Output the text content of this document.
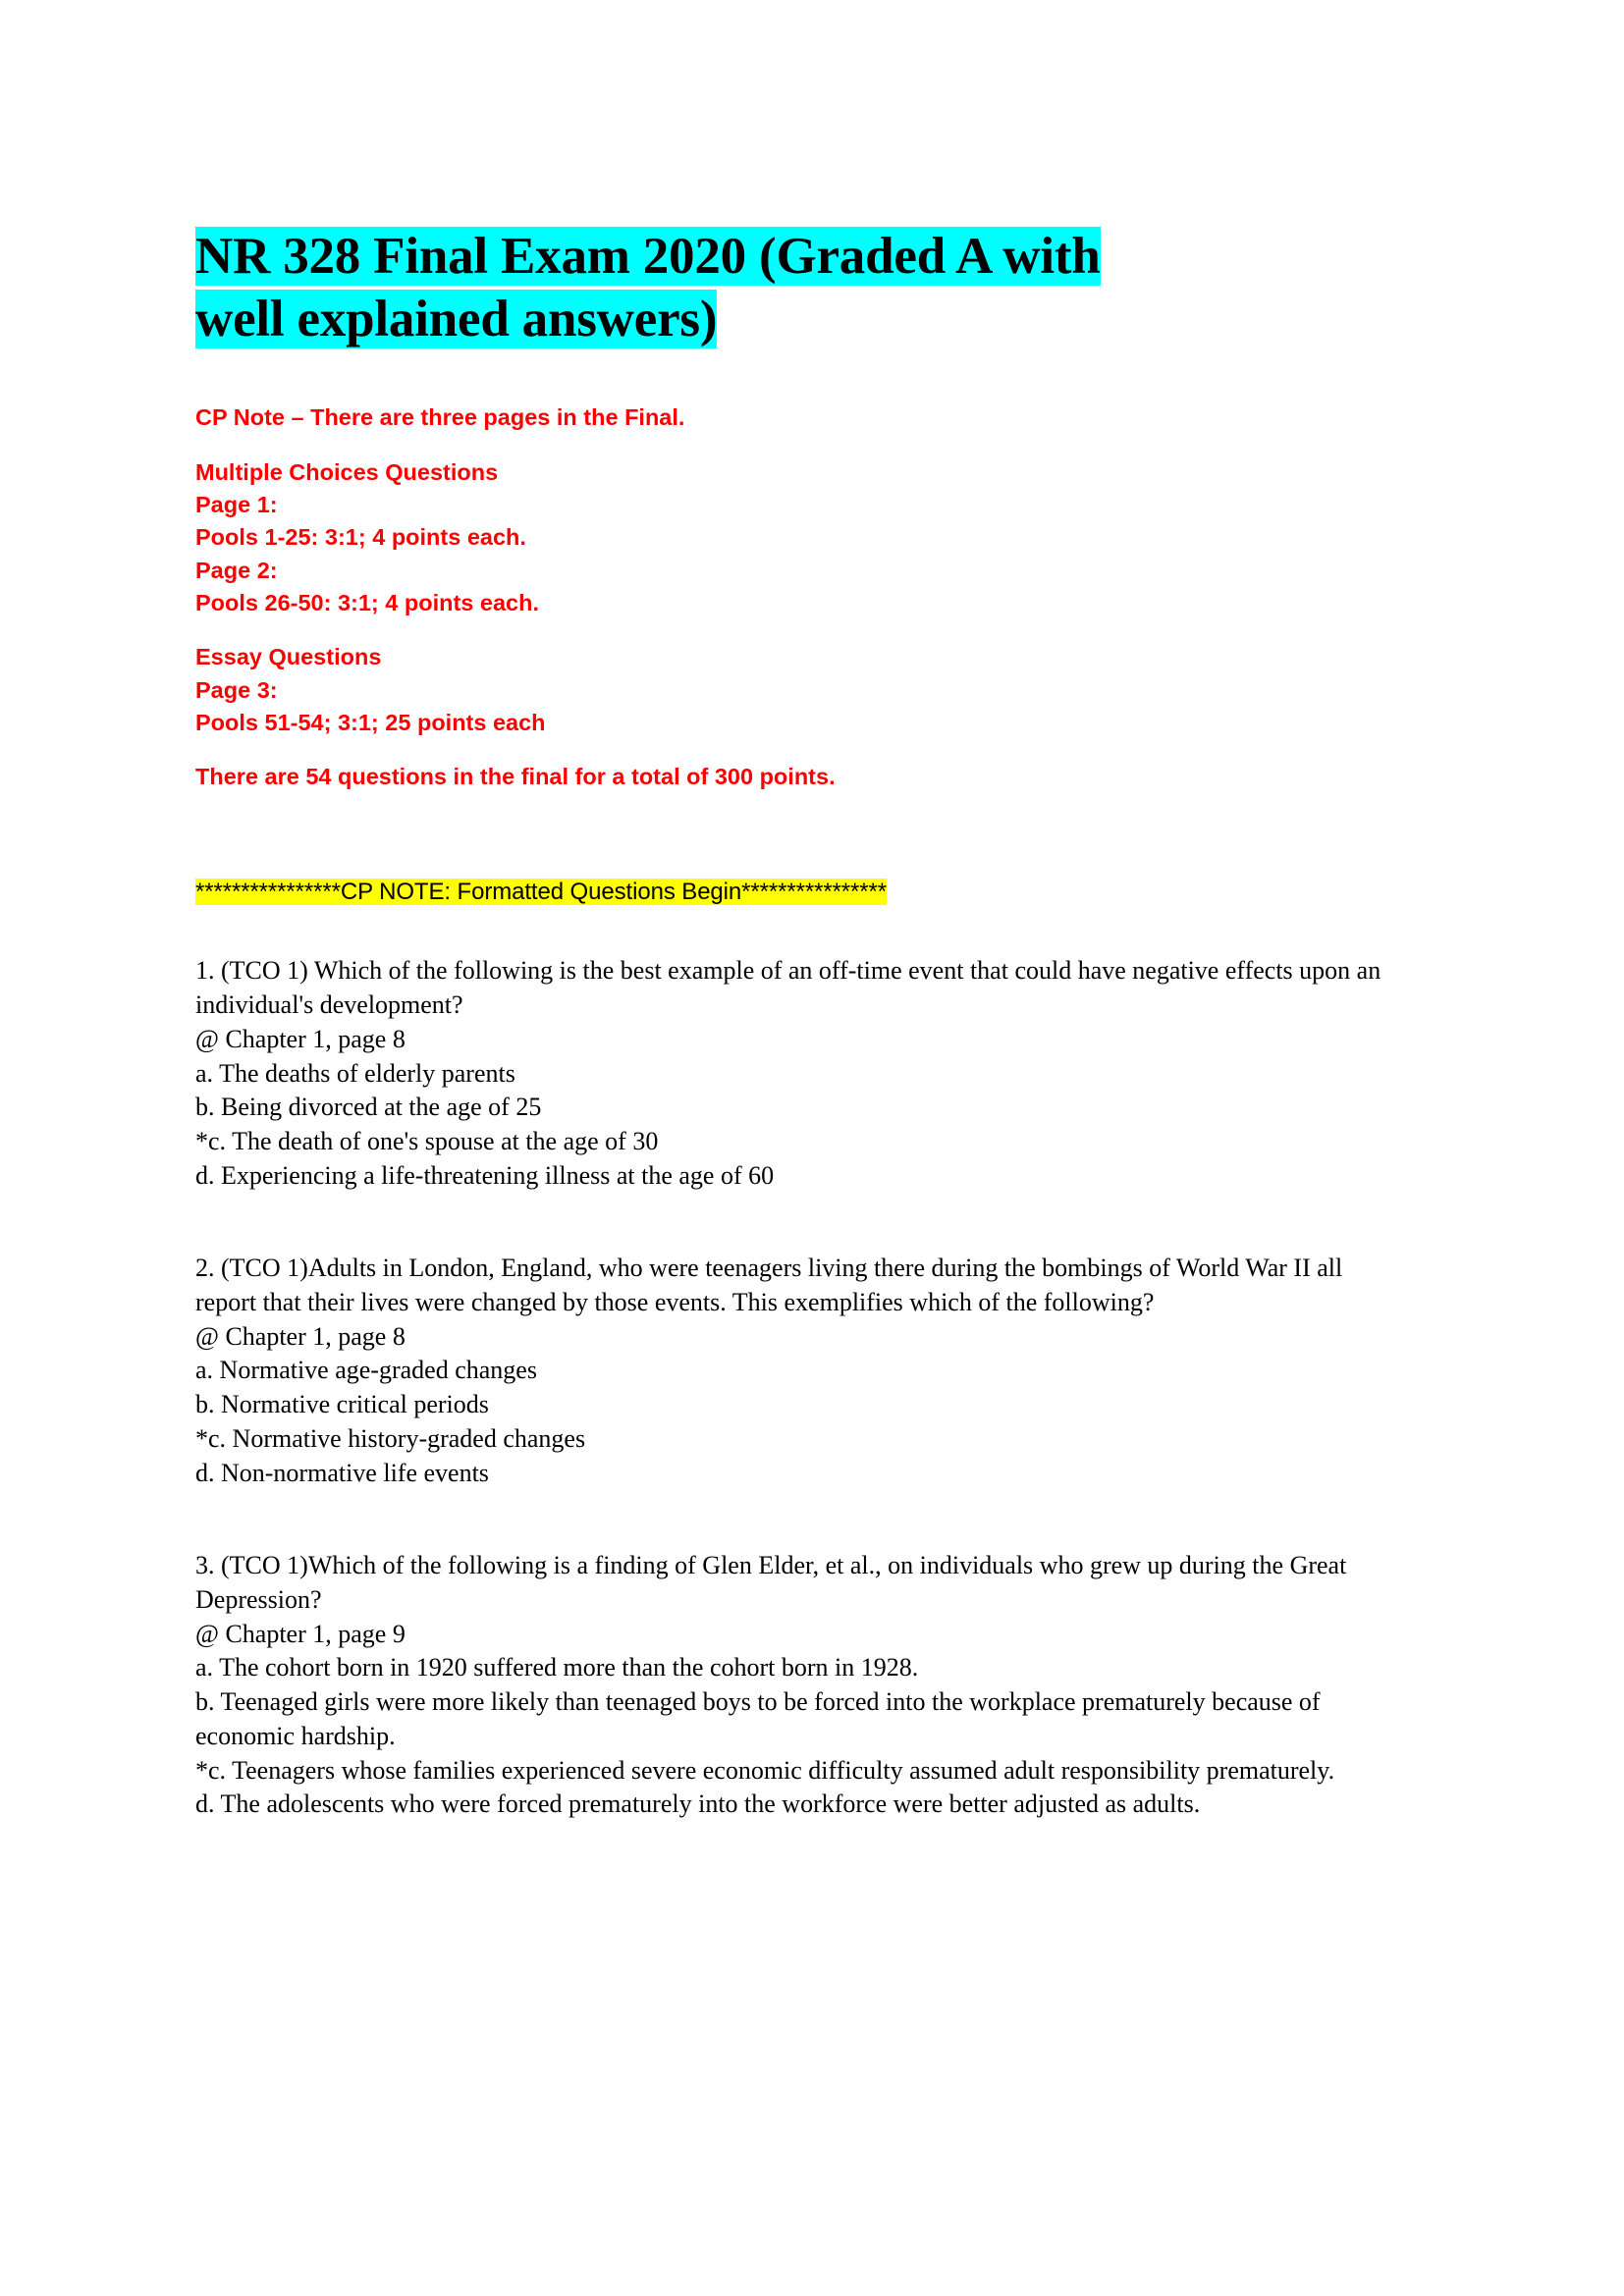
NR 328 Final Exam 2020 (Graded A with
well explained answers)
CP Note – There are three pages in the Final.
Multiple Choices Questions
Page 1:
Pools 1-25: 3:1; 4 points each.
Page 2:
Pools 26-50: 3:1; 4 points each.
Essay Questions
Page 3:
Pools 51-54; 3:1; 25 points each
There are 54 questions in the final for a total of 300 points.
****************CP NOTE: Formatted Questions Begin****************
1. (TCO 1) Which of the following is the best example of an off-time event that could have negative effects upon an individual's development?
@ Chapter 1, page 8
a. The deaths of elderly parents
b. Being divorced at the age of 25
*c. The death of one's spouse at the age of 30
d. Experiencing a life-threatening illness at the age of 60
2. (TCO 1)Adults in London, England, who were teenagers living there during the bombings of World War II all report that their lives were changed by those events. This exemplifies which of the following?
@ Chapter 1, page 8
a. Normative age-graded changes
b. Normative critical periods
*c. Normative history-graded changes
d. Non-normative life events
3. (TCO 1)Which of the following is a finding of Glen Elder, et al., on individuals who grew up during the Great Depression?
@ Chapter 1, page 9
a. The cohort born in 1920 suffered more than the cohort born in 1928.
b. Teenaged girls were more likely than teenaged boys to be forced into the workplace prematurely because of economic hardship.
*c. Teenagers whose families experienced severe economic difficulty assumed adult responsibility prematurely.
d. The adolescents who were forced prematurely into the workforce were better adjusted as adults.
